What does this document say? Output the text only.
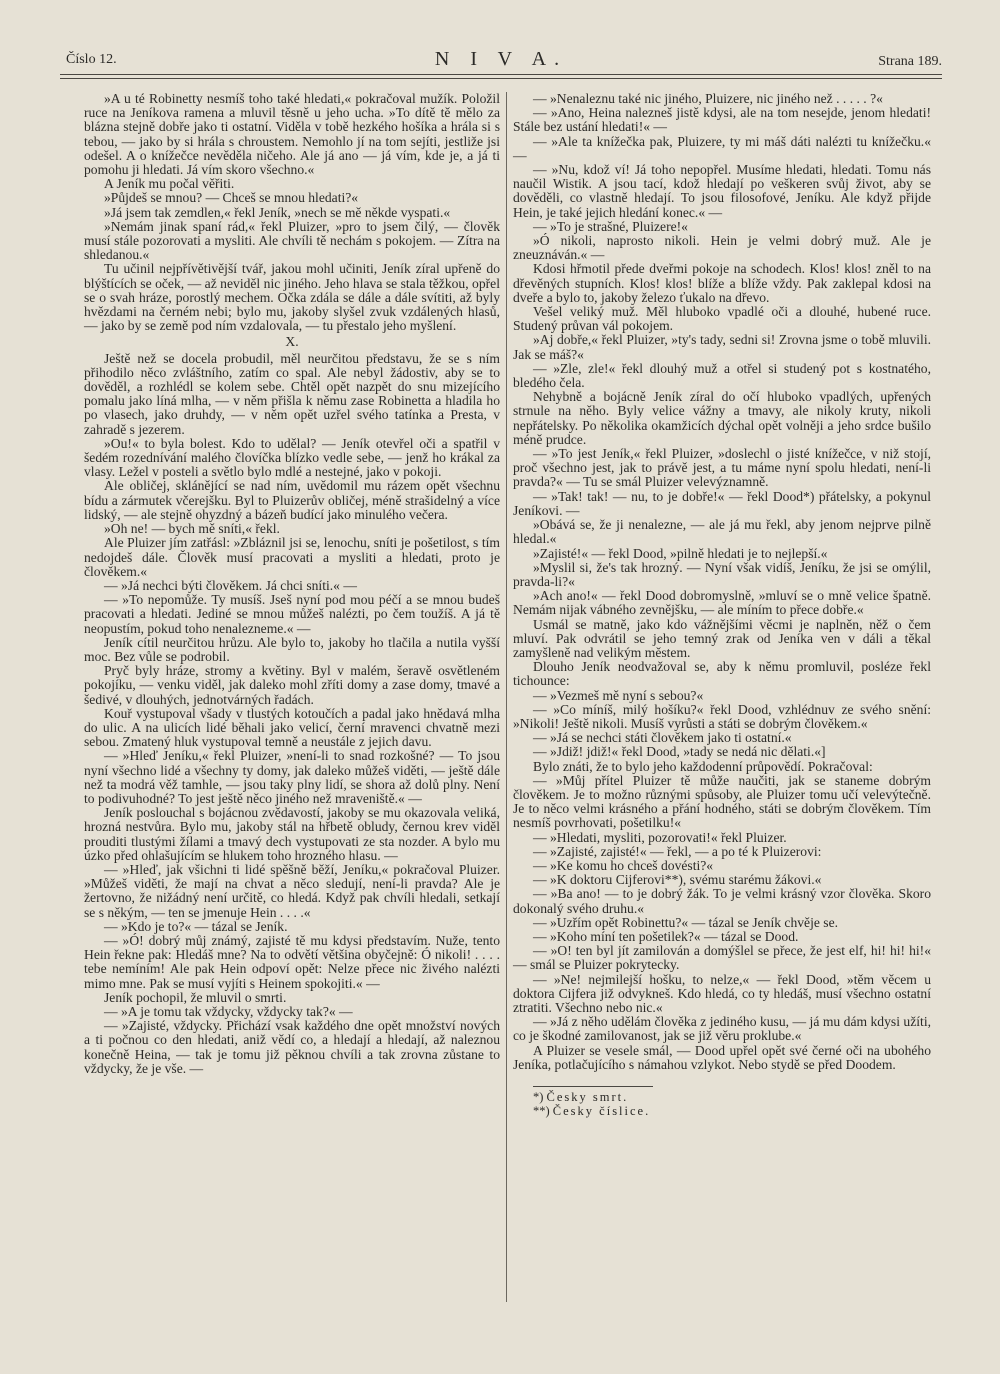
Číslo 12.	N I V A.	Strana 189.

»A u té Robinetty nesmíš toho také hledati,« pokračoval mužík. Položil ruce na Jeníkova ramena a mluvil těsně u jeho ucha. »To dítě tě mělo za blázna stejně dobře jako ti ostatní. Viděla v tobě hezkého hošíka a hrála si s tebou, — jako by si hrála s chroustem. Nemohlo jí na tom sejíti, jestliže jsi odešel. A o knížečce nevěděla ničeho. Ale já ano — já vím, kde je, a já ti pomohu ji hledati. Já vím skoro všechno.«

A Jeník mu počal věřiti.

»Půjdeš se mnou? — Chceš se mnou hledati?«

»Já jsem tak zemdlen,« řekl Jeník, »nech se mě někde vyspati.«

»Nemám jinak spaní rád,« řekl Pluizer, »pro to jsem čilý, — člověk musí stále pozorovati a mysliti. Ale chvíli tě nechám s pokojem. — Zítra na shledanou.«

Tu učinil nejpřívětivější tvář, jakou mohl učiniti, Jeník zíral upřeně do blýštících se oček, — až neviděl nic jiného. Jeho hlava se stala těžkou, opřel se o svah hráze, porostlý mechem. Očka zdála se dále a dále svítiti, až byly hvězdami na černém nebi; bylo mu, jakoby slyšel zvuk vzdálených hlasů, — jako by se země pod ním vzdalovala, — tu přestalo jeho myšlení.

X.

Ještě než se docela probudil, měl neurčitou představu, že se s ním přihodilo něco zvláštního, zatím co spal. Ale nebyl žádostiv, aby se to dověděl, a rozhlédl se kolem sebe. Chtěl opět nazpět do snu mizejícího pomalu jako líná mlha, — v něm přišla k němu zase Robinetta a hladila ho po vlasech, jako druhdy, — v něm opět uzřel svého tatínka a Presta, v zahradě s jezerem.

»Ou!« to byla bolest. Kdo to udělal? — Jeník otevřel oči a spatřil v šedém rozednívání malého človíčka blízko vedle sebe, — jenž ho krákal za vlasy. Ležel v posteli a světlo bylo mdlé a nestejné, jako v pokoji.

Ale obličej, sklánějící se nad ním, uvědomil mu rázem opět všechnu bídu a zármutek včerejšku. Byl to Pluizerův obličej, méně strašidelný a více lidský, — ale stejně ohyzdný a bázeň budící jako minulého večera.

»Oh ne! — bych mě sníti,« řekl.

Ale Pluizer jím zatřásl: »Zbláznil jsi se, lenochu, sníti je pošetilost, s tím nedojdeš dále. Člověk musí pracovati a mysliti a hledati, proto je člověkem.«

— »Já nechci býti člověkem. Já chci sníti.« —

— »To nepomůže. Ty musíš. Jseš nyní pod mou péčí a se mnou budeš pracovati a hledati. Jediné se mnou můžeš nalézti, po čem toužíš. A já tě neopustím, pokud toho nenalezneme.« —

Jeník cítil neurčitou hrůzu. Ale bylo to, jakoby ho tlačila a nutila vyšší moc. Bez vůle se podrobil.

Pryč byly hráze, stromy a květiny. Byl v malém, šeravě osvětleném pokojíku, — venku viděl, jak daleko mohl zříti domy a zase domy, tmavé a šedivé, v dlouhých, jednotvárných řadách.

Kouř vystupoval všady v tlustých kotoučích a padal jako hnědavá mlha do ulic. A na ulicích lidé běhali jako velicí, černí mravenci chvatně mezi sebou. Zmatený hluk vystupoval temně a neustále z jejich davu.

— »Hleď Jeníku,« řekl Pluizer, »není-li to snad rozkošné? — To jsou nyní všechno lidé a všechny ty domy, jak daleko můžeš viděti, — ještě dále než ta modrá věž tamhle, — jsou taky plny lidí, se shora až dolů plny. Není to podivuhodné? To jest ještě něco jiného než mraveniště.« —

Jeník poslouchal s bojácnou zvědavostí, jakoby se mu okazovala veliká, hrozná nestvůra. Bylo mu, jakoby stál na hřbetě obludy, černou krev viděl prouditi tlustými žílami a tmavý dech vystupovati ze sta nozder. A bylo mu úzko před ohlašujícím se hlukem toho hrozného hlasu. —

— »Hleď, jak všichni ti lidé spěšně běží, Jeníku,« pokračoval Pluizer. »Můžeš viděti, že mají na chvat a něco sledují, není-li pravda? Ale je žertovno, že nižádný není určitě, co hledá. Když pak chvíli hledali, setkají se s někým, — ten se jmenuje Hein . . . .«

— »Kdo je to?« — tázal se Jeník.

— »Ó! dobrý můj známý, zajisté tě mu kdysi představím. Nuže, tento Hein řekne pak: Hledáš mne? Na to odvětí většina obyčejně: Ó nikoli! . . . . tebe nemíním! Ale pak Hein odpoví opět: Nelze přece nic živého nalézti mimo mne. Pak se musí vyjíti s Heinem spokojiti.« —

Jeník pochopil, že mluvil o smrti.

— »A je tomu tak vždycky, vždycky tak?« —

— »Zajisté, vždycky. Přichází vsak každého dne opět množství nových a ti počnou co den hledati, aniž vědí co, a hledají a hledají, až naleznou konečně Heina, — tak je tomu již pěknou chvíli a tak zrovna zůstane to vždycky, že je vše. —

— »Nenaleznu také nic jiného, Pluizere, nic jiného než . . . . . ?«

— »Ano, Heina nalezneš jistě kdysi, ale na tom nesejde, jenom hledati! Stále bez ustání hledati!« —

— »Ale ta knížečka pak, Pluizere, ty mi máš dáti nalézti tu knížečku.« —

— »Nu, kdož ví! Já toho nepopřel. Musíme hledati, hledati. Tomu nás naučil Wistik. A jsou tací, kdož hledají po veškeren svůj život, aby se dověděli, co vlastně hledají. To jsou filosofové, Jeníku. Ale když přijde Hein, je také jejich hledání konec.« —

— »To je strašné, Pluizere!«

»Ó nikoli, naprosto nikoli. Hein je velmi dobrý muž. Ale je zneuznáván.« —

Kdosi hřmotil přede dveřmi pokoje na schodech. Klos! klos! zněl to na dřevěných stupních. Klos! klos! blíže a blíže vždy. Pak zaklepal kdosi na dveře a bylo to, jakoby železo ťukalo na dřevo.

Vešel veliký muž. Měl hluboko vpadlé oči a dlouhé, hubené ruce. Studený průvan vál pokojem.

»Aj dobře,« řekl Pluizer, »ty's tady, sedni si! Zrovna jsme o tobě mluvili. Jak se máš?«

— »Zle, zle!« řekl dlouhý muž a otřel si studený pot s kostnatého, bledého čela.

Nehybně a bojácně Jeník zíral do očí hluboko vpadlých, upřených strnule na něho. Byly velice vážny a tmavy, ale nikoly kruty, nikoli nepřátelsky. Po několika okamžicích dýchal opět volněji a jeho srdce bušilo méně prudce.

— »To jest Jeník,« řekl Pluizer, »doslechl o jisté knížečce, v niž stojí, proč všechno jest, jak to právě jest, a tu máme nyní spolu hledati, není-li pravda?« — Tu se smál Pluizer velevýznamně.

— »Tak! tak! — nu, to je dobře!« — řekl Dood*) přátelsky, a pokynul Jeníkovi. —

»Obává se, že ji nenalezne, — ale já mu řekl, aby jenom nejprve pilně hledal.«

»Zajisté!« — řekl Dood, »pilně hledati je to nejlepší.«

»Myslil si, že's tak hrozný. — Nyní však vidíš, Jeníku, že jsi se omýlil, pravda-li?«

»Ach ano!« — řekl Dood dobromyslně, »mluví se o mně velice špatně. Nemám nijak vábného zevnějšku, — ale míním to přece dobře.«

Usmál se matně, jako kdo vážnějšími věcmi je naplněn, něž o čem mluví. Pak odvrátil se jeho temný zrak od Jeníka ven v dáli a těkal zamyšleně nad velikým městem.

Dlouho Jeník neodvažoval se, aby k němu promluvil, posléze řekl tichounce:

— »Vezmeš mě nyní s sebou?«

— »Co míníš, milý hošíku?« řekl Dood, vzhlédnuv ze svého snění: »Nikoli! Ještě nikoli. Musíš vyrůsti a státi se dobrým člověkem.«

— »Já se nechci státi člověkem jako ti ostatní.«

— »Jdiž! jdiž!« řekl Dood, »tady se nedá nic dělati.«]

Bylo znáti, že to bylo jeho každodenní průpovědí. Pokračoval:

— »Můj přítel Pluizer tě může naučiti, jak se staneme dobrým člověkem. Je to možno různými spůsoby, ale Pluizer tomu učí velevýtečně. Je to něco velmi krásného a přání hodného, státi se dobrým člověkem. Tím nesmíš povrhovati, pošetilku!«

— »Hledati, mysliti, pozorovati!« řekl Pluizer.

— »Zajisté, zajisté!« — řekl, — a po té k Pluizerovi:

— »Ke komu ho chceš dovésti?«

— »K doktoru Cijferovi**), svému starému žákovi.«

— »Ba ano! — to je dobrý žák. To je velmi krásný vzor člověka. Skoro dokonalý svého druhu.«

— »Uzřím opět Robinettu?« — tázal se Jeník chvěje se.

— »Koho míní ten pošetilek?« — tázal se Dood.

— »O! ten byl jít zamilován a domýšlel se přece, že jest elf, hi! hi! hi!« — smál se Pluizer pokrytecky.

— »Ne! nejmilejší hošku, to nelze,« — řekl Dood, »těm věcem u doktora Cijfera již odvykneš. Kdo hledá, co ty hledáš, musí všechno ostatní ztratiti. Všechno nebo nic.«

— »Já z něho udělám člověka z jediného kusu, — já mu dám kdysi užíti, co je škodné zamilovanost, jak se již věru proklube.«

A Pluizer se vesele smál, — Dood upřel opět své černé oči na ubohého Jeníka, potlačujícího s námahou vzlykot. Nebo stydě se před Doodem.

*) Česky smrt.
**) Česky číslice.
